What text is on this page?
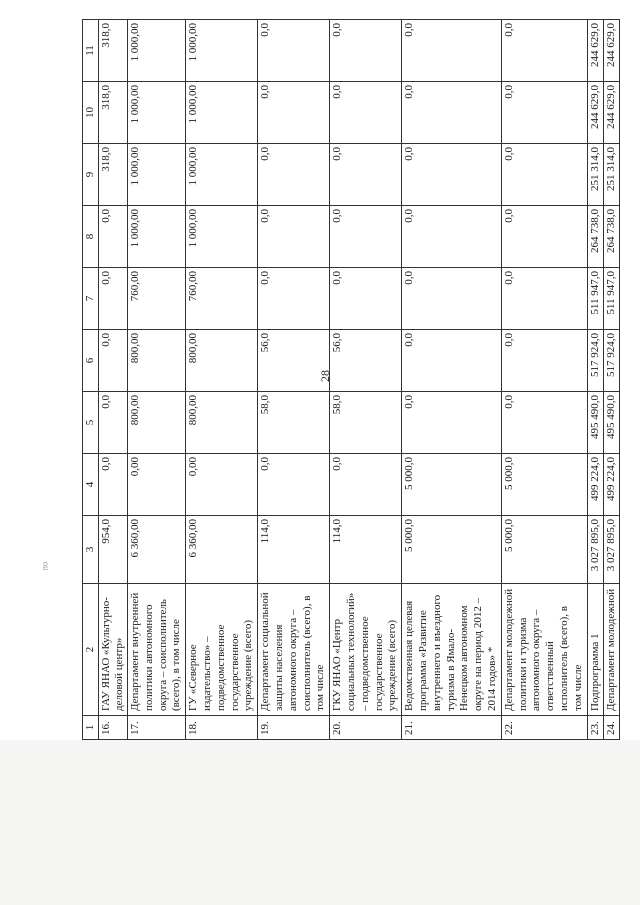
no
28
1	2	3	4	5	6	7	8	9	10	11
16.	ГАУ ЯНАО «Культурно-деловой центр»	954,0	0,0	0,0	0,0	0,0	0,0	318,0	318,0	318,0
17.	Департамент внутренней политики автономного округа – соисполнитель (всего), в том числе	6 360,00	0,00	800,00	800,00	760,00	1 000,00	1 000,00	1 000,00	1 000,00
18.	ГУ «Северное издательство» – подведомственное государственное учреждение (всего)	6 360,00	0,00	800,00	800,00	760,00	1 000,00	1 000,00	1 000,00	1 000,00
19.	Департамент социальной защиты населения автономного округа – соисполнитель (всего), в том числе	114,0	0,0	58,0	56,0	0,0	0,0	0,0	0,0	0,0
20.	ГКУ ЯНАО «Центр социальных технологий» – подведомственное государственное учреждение (всего)	114,0	0,0	58,0	56,0	0,0	0,0	0,0	0,0	0,0
21.	Ведомственная целевая программа «Развитие внутреннего и въездного туризма в Ямало-Ненецком автономном округе на период 2012 – 2014 годов» *	5 000,0	5 000,0	0,0	0,0	0,0	0,0	0,0	0,0	0,0
22.	Департамент молодежной политики и туризма автономного округа – ответственный исполнитель (всего), в том числе	5 000,0	5 000,0	0,0	0,0	0,0	0,0	0,0	0,0	0,0
23.	Подпрограмма 1	3 027 895,0	499 224,0	495 490,0	517 924,0	511 947,0	264 738,0	251 314,0	244 629,0	244 629,0
24.	Департамент молодежной	3 027 895,0	499 224,0	495 490,0	517 924,0	511 947,0	264 738,0	251 314,0	244 629,0	244 629,0
